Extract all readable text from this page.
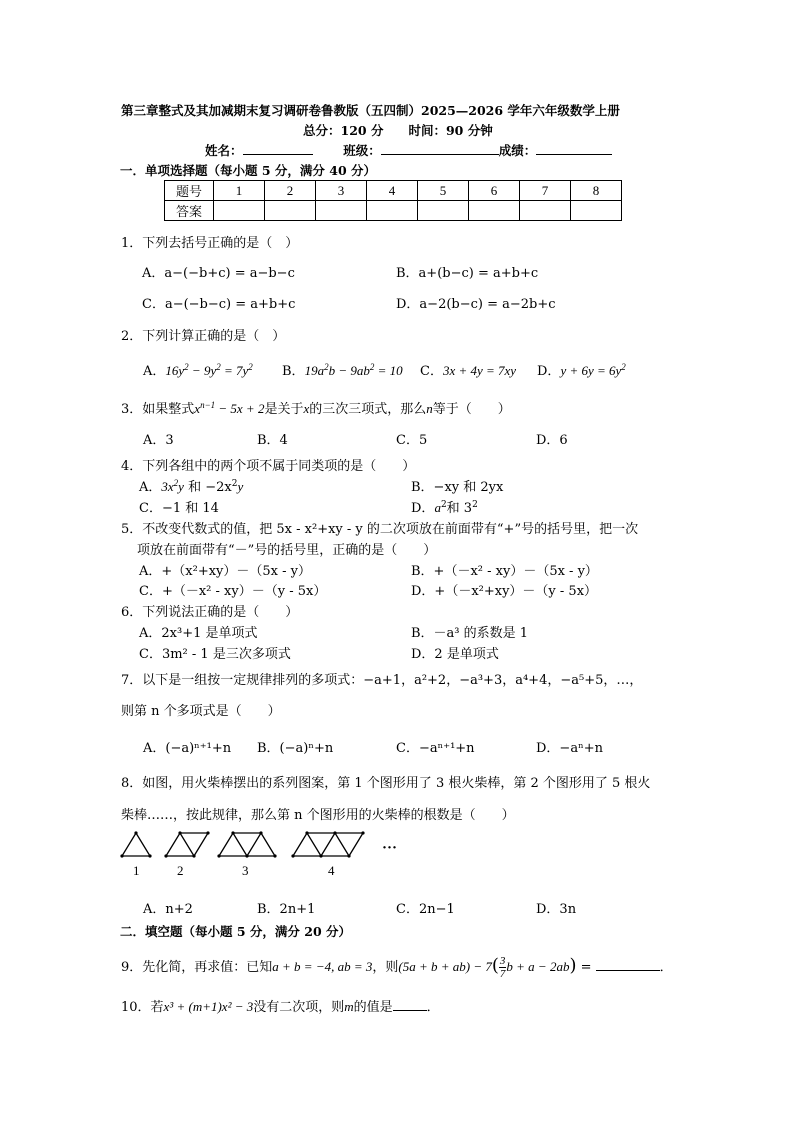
第三章整式及其加减期末复习调研卷鲁教版（五四制）2025—2026 学年六年级数学上册
总分：120 分　　时间：90 分钟
姓名：	班级：	成绩：
一．单项选择题（每小题 5 分，满分 40 分）
题号	1	2	3	4	5	6	7	8
答案								
1．下列去括号正确的是（　）
A．a−(−b+c) = a−b−c	B．a+(b−c) = a+b+c
C．a−(−b−c) = a+b+c	D．a−2(b−c) = a−2b+c
2．下列计算正确的是（　）
A．$16y^2 - 9y^2 = 7y^2$ B．$19a^2b - 9ab^2 = 10$ C．3x + 4y = 7xy D．$y + 6y = 6y^2$
3．如果整式$x^{n-1} - 5x + 2$是关于x的三次三项式，那么n等于（　　）
A．3	B．4	C．5	D．6
4．下列各组中的两个项不属于同类项的是（　　）
A．$3x^2y$ 和 $-2x^2y$	B．−xy 和 2yx
C．−1 和 14	D．$a^2$和 $3^2$
5．不改变代数式的值，把 5x - x²+xy - y 的二次项放在前面带有“+”号的括号里，把一次
项放在前面带有“－”号的括号里，正确的是（　　）
A．+（x²+xy）－（5x - y）	B．+（－x² - xy）－（5x - y）
C．+（－x² - xy）－（y - 5x）	D．+（－x²+xy）－（y - 5x）
6．下列说法正确的是（　　）
A．2x³+1 是单项式	B．－a³ 的系数是 1
C．3m² - 1 是三次多项式	D．2 是单项式
7．以下是一组按一定规律排列的多项式：−a+1，a²+2，−a³+3，a⁴+4，−a⁵+5，…，
则第 n 个多项式是（　　）
A．(−a)ⁿ⁺¹+n B．(−a)ⁿ+n	C．−aⁿ⁺¹+n	D．−aⁿ+n
8．如图，用火柴棒摆出的系列图案，第 1 个图形用了 3 根火柴棒，第 2 个图形用了 5 根火
柴棒……，按此规律，那么第 n 个图形用的火柴棒的根数是（　　）
1	2	3	4
···
A．n+2	B．2n+1	C．2n−1	D．3n
二．填空题（每小题 5 分，满分 20 分）
9．先化简，再求值：已知a + b = −4, ab = 3，则$(5a + b + ab) - 7( \frac{3}{7}$ b + a − 2ab) =	．
10．若x³ + (m+1)x² − 3没有二次项，则m的值是	．
